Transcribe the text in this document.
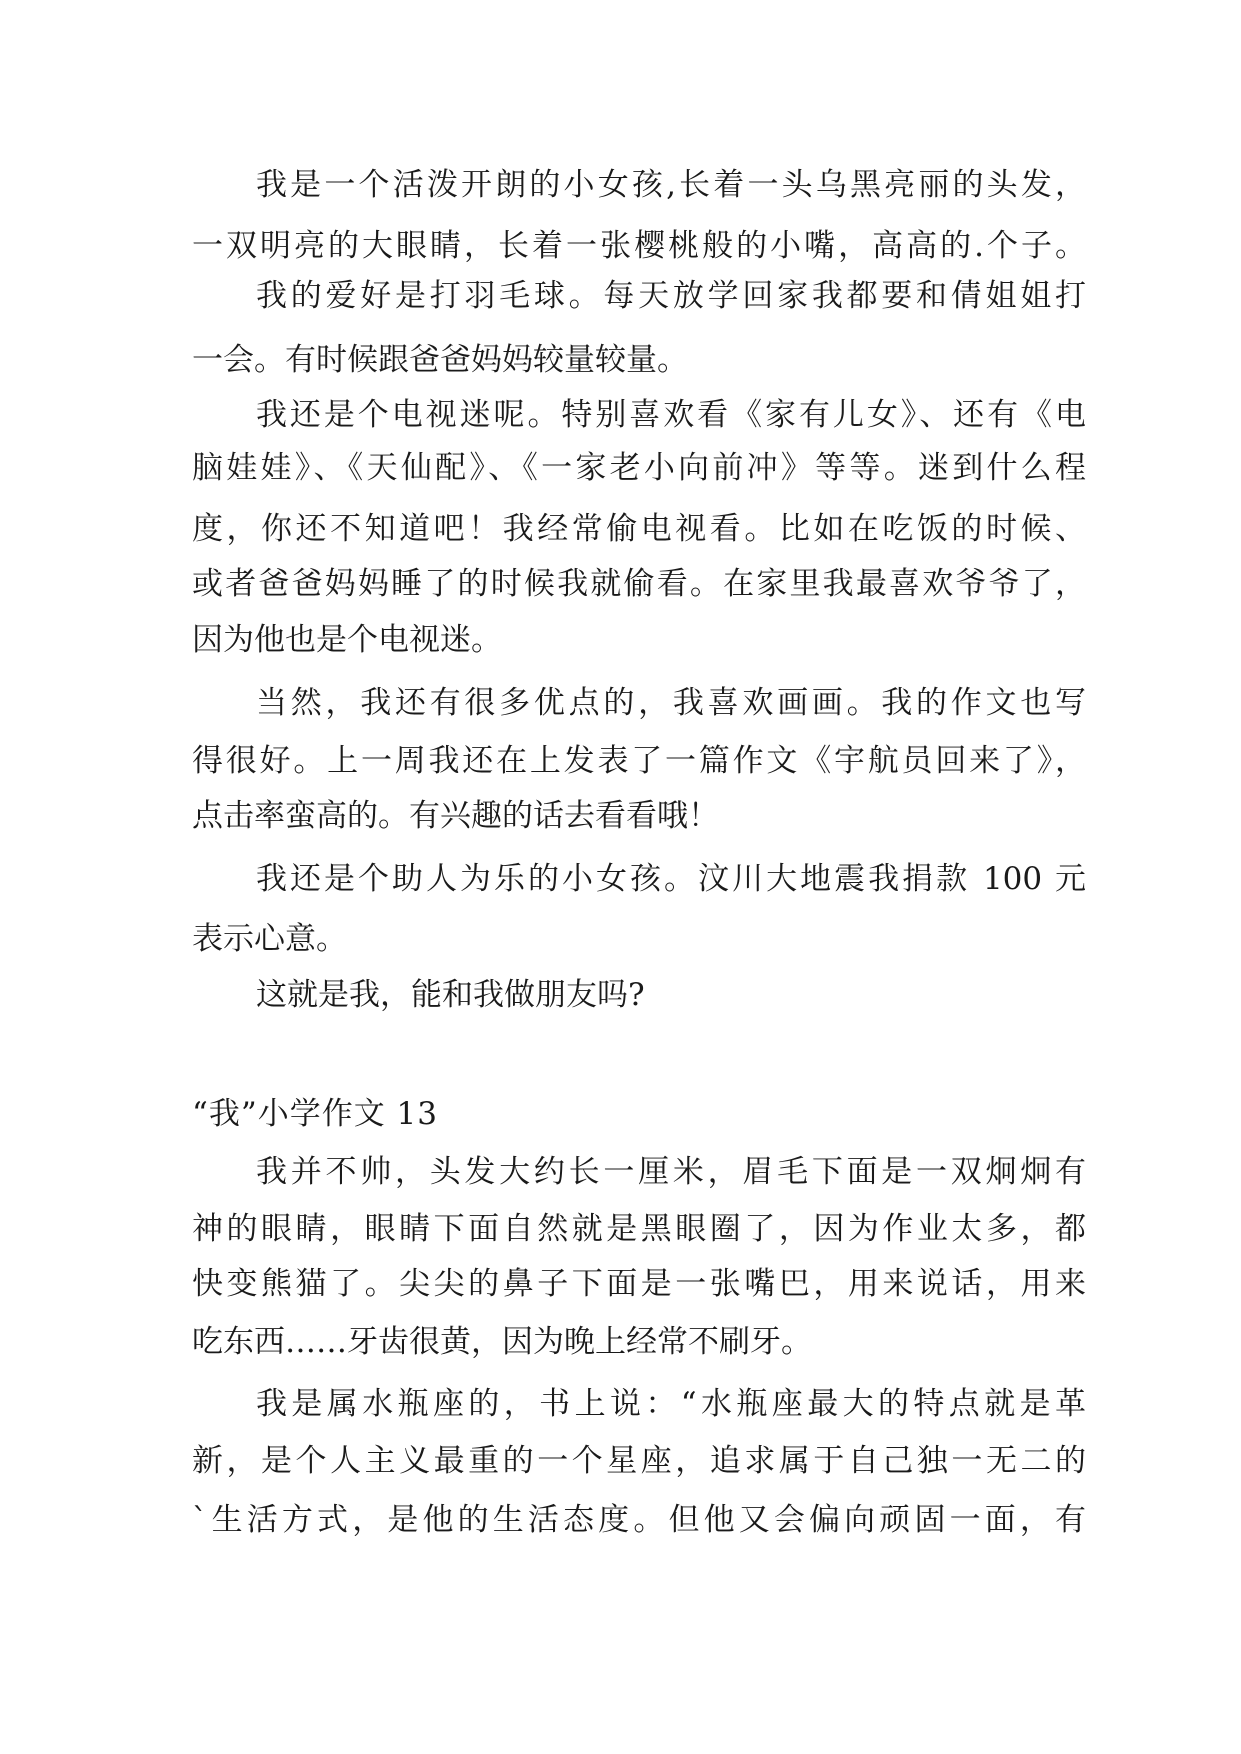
我是一个活泼开朗的小女孩,长着一头乌黑亮丽的头发，

一双明亮的大眼睛，长着一张樱桃般的小嘴，高高的.个子。

我的爱好是打羽毛球。每天放学回家我都要和倩姐姐打

一会。有时候跟爸爸妈妈较量较量。

我还是个电视迷呢。特别喜欢看《家有儿女》、还有《电

脑娃娃》、《天仙配》、《一家老小向前冲》等等。迷到什么程

度，你还不知道吧！我经常偷电视看。比如在吃饭的时候、

或者爸爸妈妈睡了的时候我就偷看。在家里我最喜欢爷爷了，

因为他也是个电视迷。

当然，我还有很多优点的，我喜欢画画。我的作文也写

得很好。上一周我还在上发表了一篇作文《宇航员回来了》，

点击率蛮高的。有兴趣的话去看看哦！

我还是个助人为乐的小女孩。汶川大地震我捐款 100 元

表示心意。

这就是我，能和我做朋友吗?

“我”小学作文 13

我并不帅，头发大约长一厘米，眉毛下面是一双炯炯有

神的眼睛，眼睛下面自然就是黑眼圈了，因为作业太多，都

快变熊猫了。尖尖的鼻子下面是一张嘴巴，用来说话，用来

吃东西……牙齿很黄，因为晚上经常不刷牙。

我是属水瓶座的，书上说：“水瓶座最大的特点就是革

新，是个人主义最重的一个星座，追求属于自己独一无二的

`生活方式，是他的生活态度。但他又会偏向顽固一面，有
